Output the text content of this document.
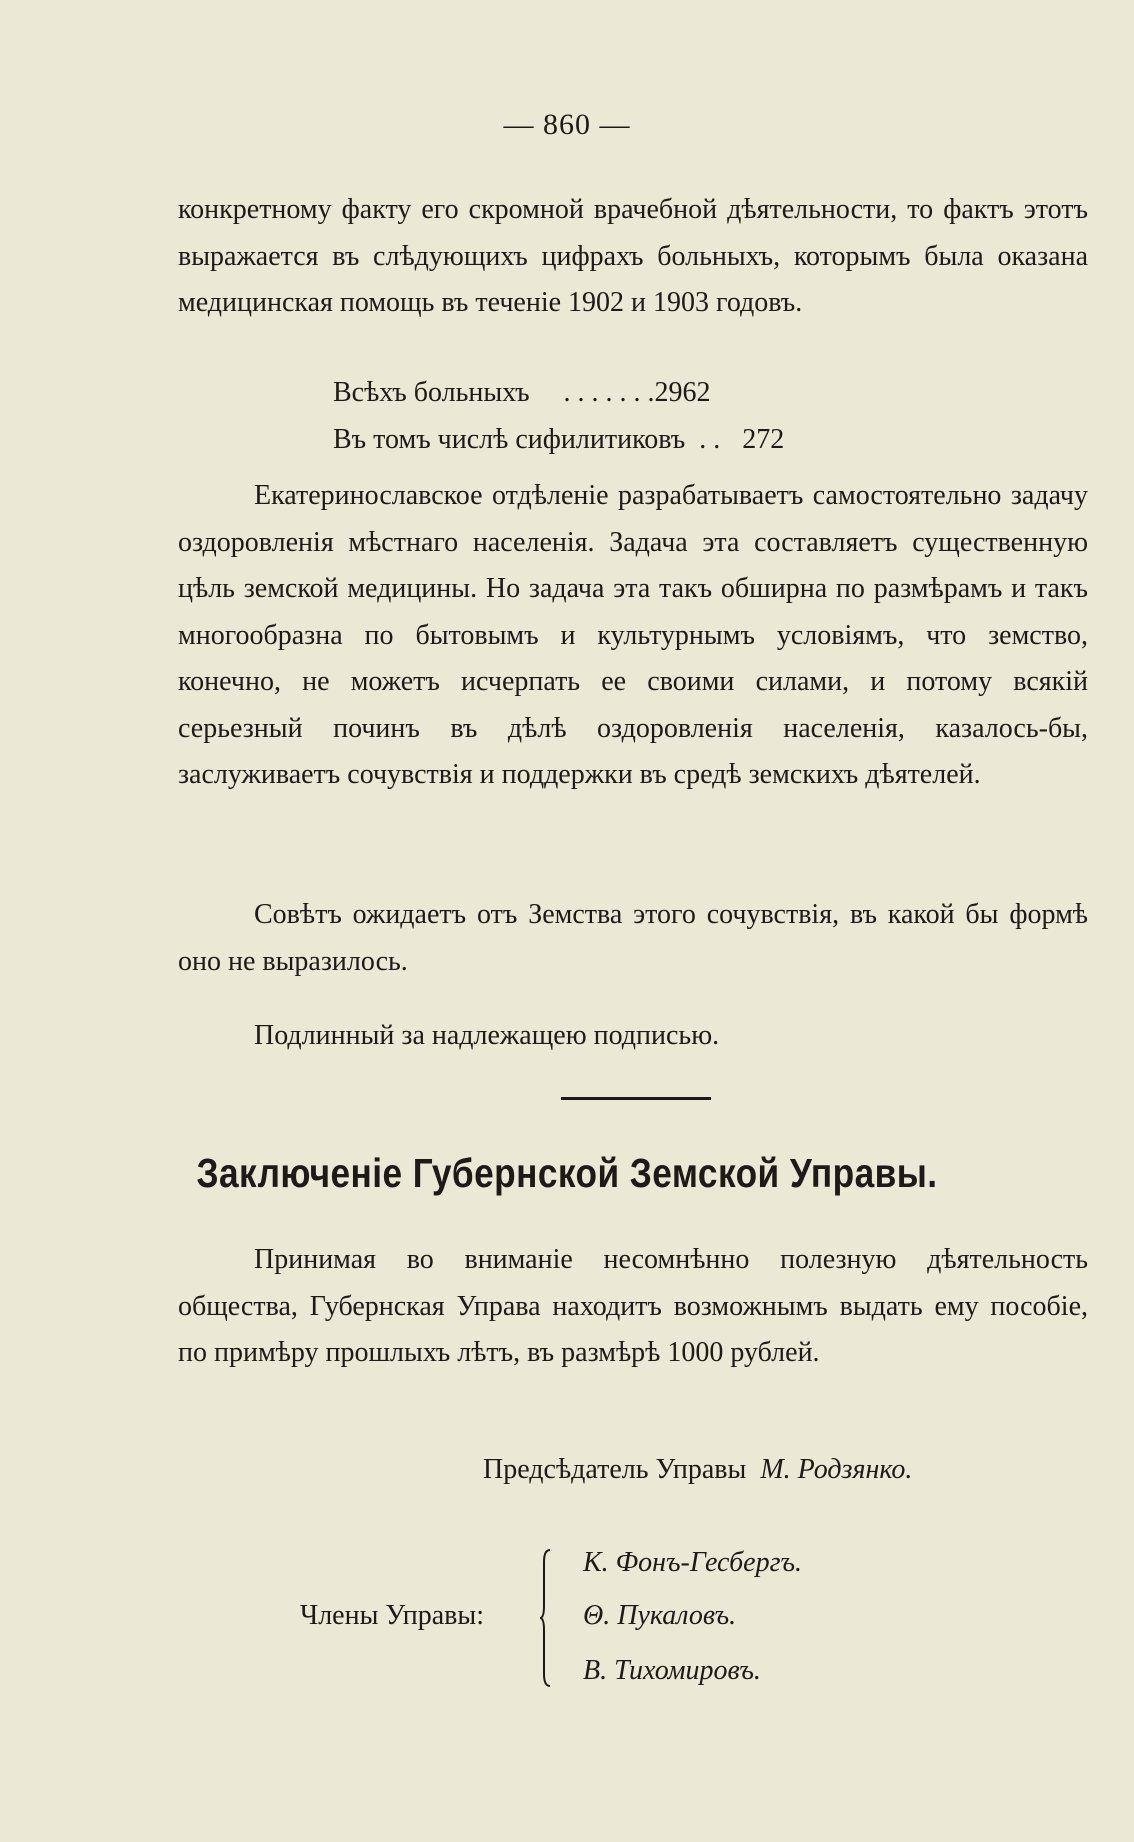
— 860 —

конкретному факту его скромной врачебной дѣятельности, то фактъ этотъ выражается въ слѣдующихъ цифрахъ больныхъ, которымъ была оказана медицинская помощь въ теченіе 1902 и 1903 годовъ.

Всѣхъ больныхъ . . . . . . .2962
Въ томъ числѣ сифилитиковъ . . 272

Екатеринославское отдѣленіе разрабатываетъ самостоятельно задачу оздоровленія мѣстнаго населенія. Задача эта составляетъ существенную цѣль земской медицины. Но задача эта такъ обширна по размѣрамъ и такъ многообразна по бытовымъ и культурнымъ условіямъ, что земство, конечно, не можетъ исчерпать ее своими силами, и потому всякій серьезный починъ въ дѣлѣ оздоровленія населенія, казалось-бы, заслуживаетъ сочувствія и поддержки въ средѣ земскихъ дѣятелей.

Совѣтъ ожидаетъ отъ Земства этого сочувствія, въ какой бы формѣ оно не выразилось.

Подлинный за надлежащею подписью.

Заключеніе Губернской Земской Управы.

Принимая во вниманіе несомнѣнно полезную дѣятельность общества, Губернская Управа находитъ возможнымъ выдать ему пособіе, по примѣру прошлыхъ лѣтъ, въ размѣрѣ 1000 рублей.

Предсѣдатель Управы М. Родзянко.
Члены Управы:
К. Фонъ-Гесбергъ.
Θ. Пукаловъ.
В. Тихомировъ.
